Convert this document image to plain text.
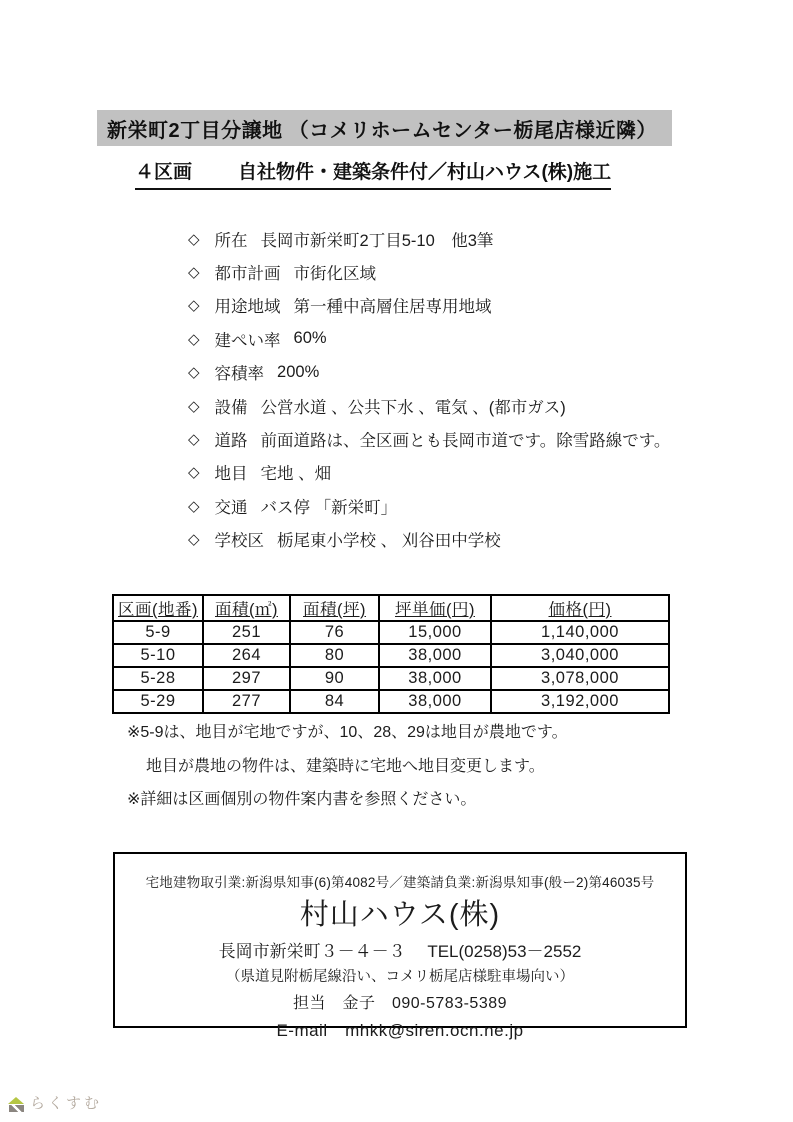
新栄町2丁目分譲地 （コメリホームセンター栃尾店様近隣）
４区画 自社物件・建築条件付／村山ハウス(株)施工
◇ 所在 長岡市新栄町2丁目5-10　他3筆
◇ 都市計画 市街化区域
◇ 用途地域 第一種中高層住居専用地域
◇ 建ぺい率 60%
◇ 容積率 200%
◇ 設備 公営水道 、公共下水 、電気 、(都市ガス)
◇ 道路 前面道路は、全区画とも長岡市道です。除雪路線です。
◇ 地目 宅地 、畑
◇ 交通 バス停 「新栄町」
◇ 学校区 栃尾東小学校 、 刈谷田中学校
区画(地番)	面積(㎡)	面積(坪)	坪単価(円)	価格(円)
5-9	251	76	15,000	1,140,000
5-10	264	80	38,000	3,040,000
5-28	297	90	38,000	3,078,000
5-29	277	84	38,000	3,192,000
※5-9は、地目が宅地ですが、10、28、29は地目が農地です。
地目が農地の物件は、建築時に宅地へ地目変更します。
※詳細は区画個別の物件案内書を参照ください。
宅地建物取引業:新潟県知事(6)第4082号／建築請負業:新潟県知事(般ー2)第46035号
村山ハウス(株)
長岡市新栄町３－４－３　 TEL(0258)53－2552
（県道見附栃尾線沿い、コメリ栃尾店様駐車場向い）
担当　金子　090-5783-5389
E-mail　mhkk@siren.ocn.ne.jp
らくすむ
